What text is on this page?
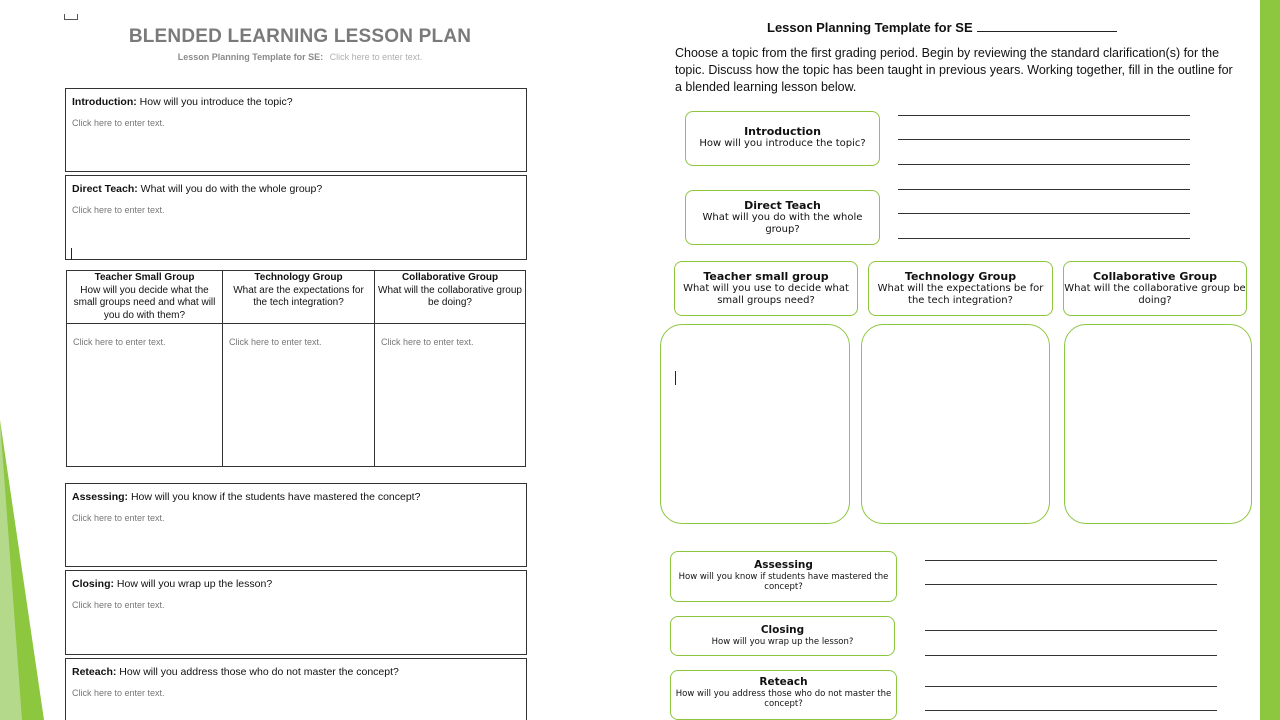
BLENDED LEARNING LESSON PLAN
Lesson Planning Template for SE: Click here to enter text.
Introduction: How will you introduce the topic?
Click here to enter text.
Direct Teach: What will you do with the whole group?
Click here to enter text.
Teacher Small Group
How will you decide what the small groups need and what will you do with them?
Click here to enter text.
Technology Group
What are the expectations for the tech integration?
Click here to enter text.
Collaborative Group
What will the collaborative group be doing?
Click here to enter text.
Assessing: How will you know if the students have mastered the concept?
Click here to enter text.
Closing: How will you wrap up the lesson?
Click here to enter text.
Reteach: How will you address those who do not master the concept?
Click here to enter text.
Lesson Planning Template for SE
Choose a topic from the first grading period. Begin by reviewing the standard clarification(s) for the topic. Discuss how the topic has been taught in previous years. Working together, fill in the outline for a blended learning lesson below.
Introduction
How will you introduce the topic?
Direct Teach
What will you do with the whole group?
Teacher small group
What will you use to decide what small groups need?
Technology Group
What will the expectations be for the tech integration?
Collaborative Group
What will the collaborative group be doing?
Assessing
How will you know if students have mastered the concept?
Closing
How will you wrap up the lesson?
Reteach
How will you address those who do not master the concept?
